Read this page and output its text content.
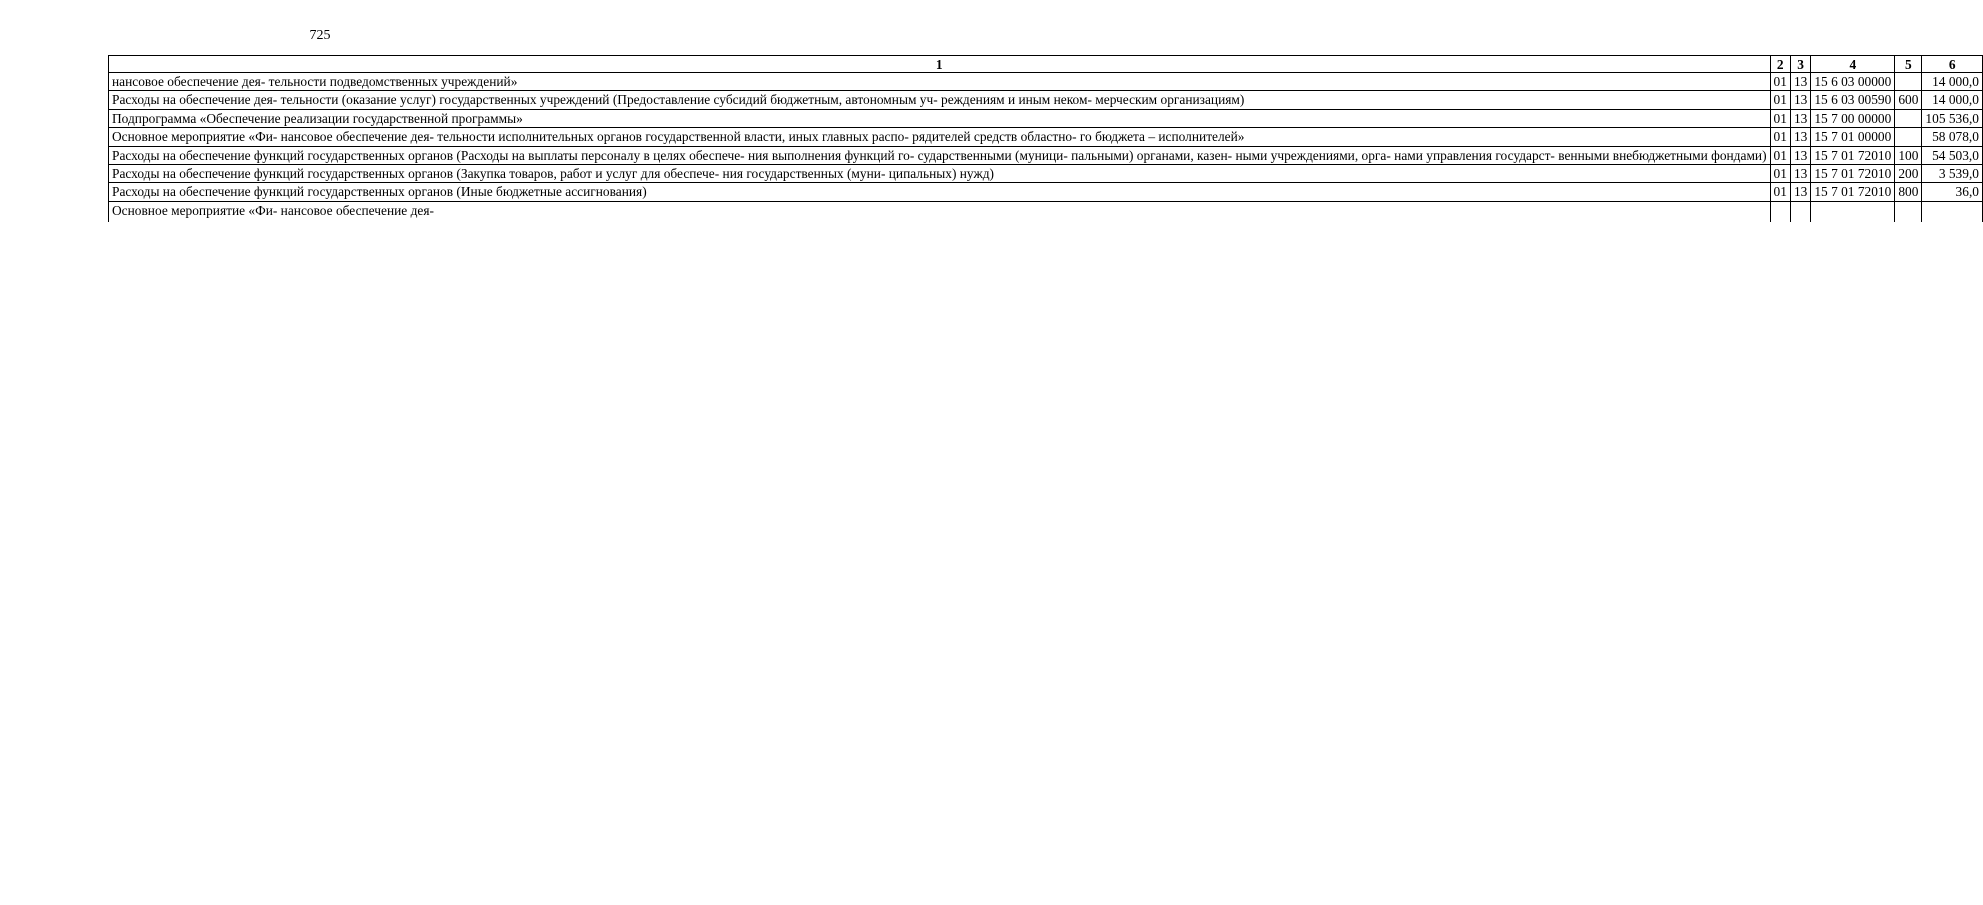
725
1	2	3	4	5	6
нансовое обеспечение дея- тельности подведомственных учреждений»	01	13	15 6 03 00000		14 000,0
Расходы на обеспечение дея- тельности (оказание услуг) государственных учреждений (Предоставление субсидий бюджетным, автономным уч- реждениям и иным неком- мерческим организациям)	01	13	15 6 03 00590	600	14 000,0
Подпрограмма «Обеспечение реализации государственной программы»	01	13	15 7 00 00000		105 536,0
Основное мероприятие «Фи- нансовое обеспечение дея- тельности исполнительных органов государственной власти, иных главных распо- рядителей средств областно- го бюджета – исполнителей»	01	13	15 7 01 00000		58 078,0
Расходы на обеспечение функций государственных органов (Расходы на выплаты персоналу в целях обеспече- ния выполнения функций го- сударственными (муници- пальными) органами, казен- ными учреждениями, орга- нами управления государст- венными внебюджетными фондами)	01	13	15 7 01 72010	100	54 503,0
Расходы на обеспечение функций государственных органов (Закупка товаров, работ и услуг для обеспече- ния государственных (муни- ципальных) нужд)	01	13	15 7 01 72010	200	3 539,0
Расходы на обеспечение функций государственных органов (Иные бюджетные ассигнования)	01	13	15 7 01 72010	800	36,0
Основное мероприятие «Фи- нансовое обеспечение дея-					
